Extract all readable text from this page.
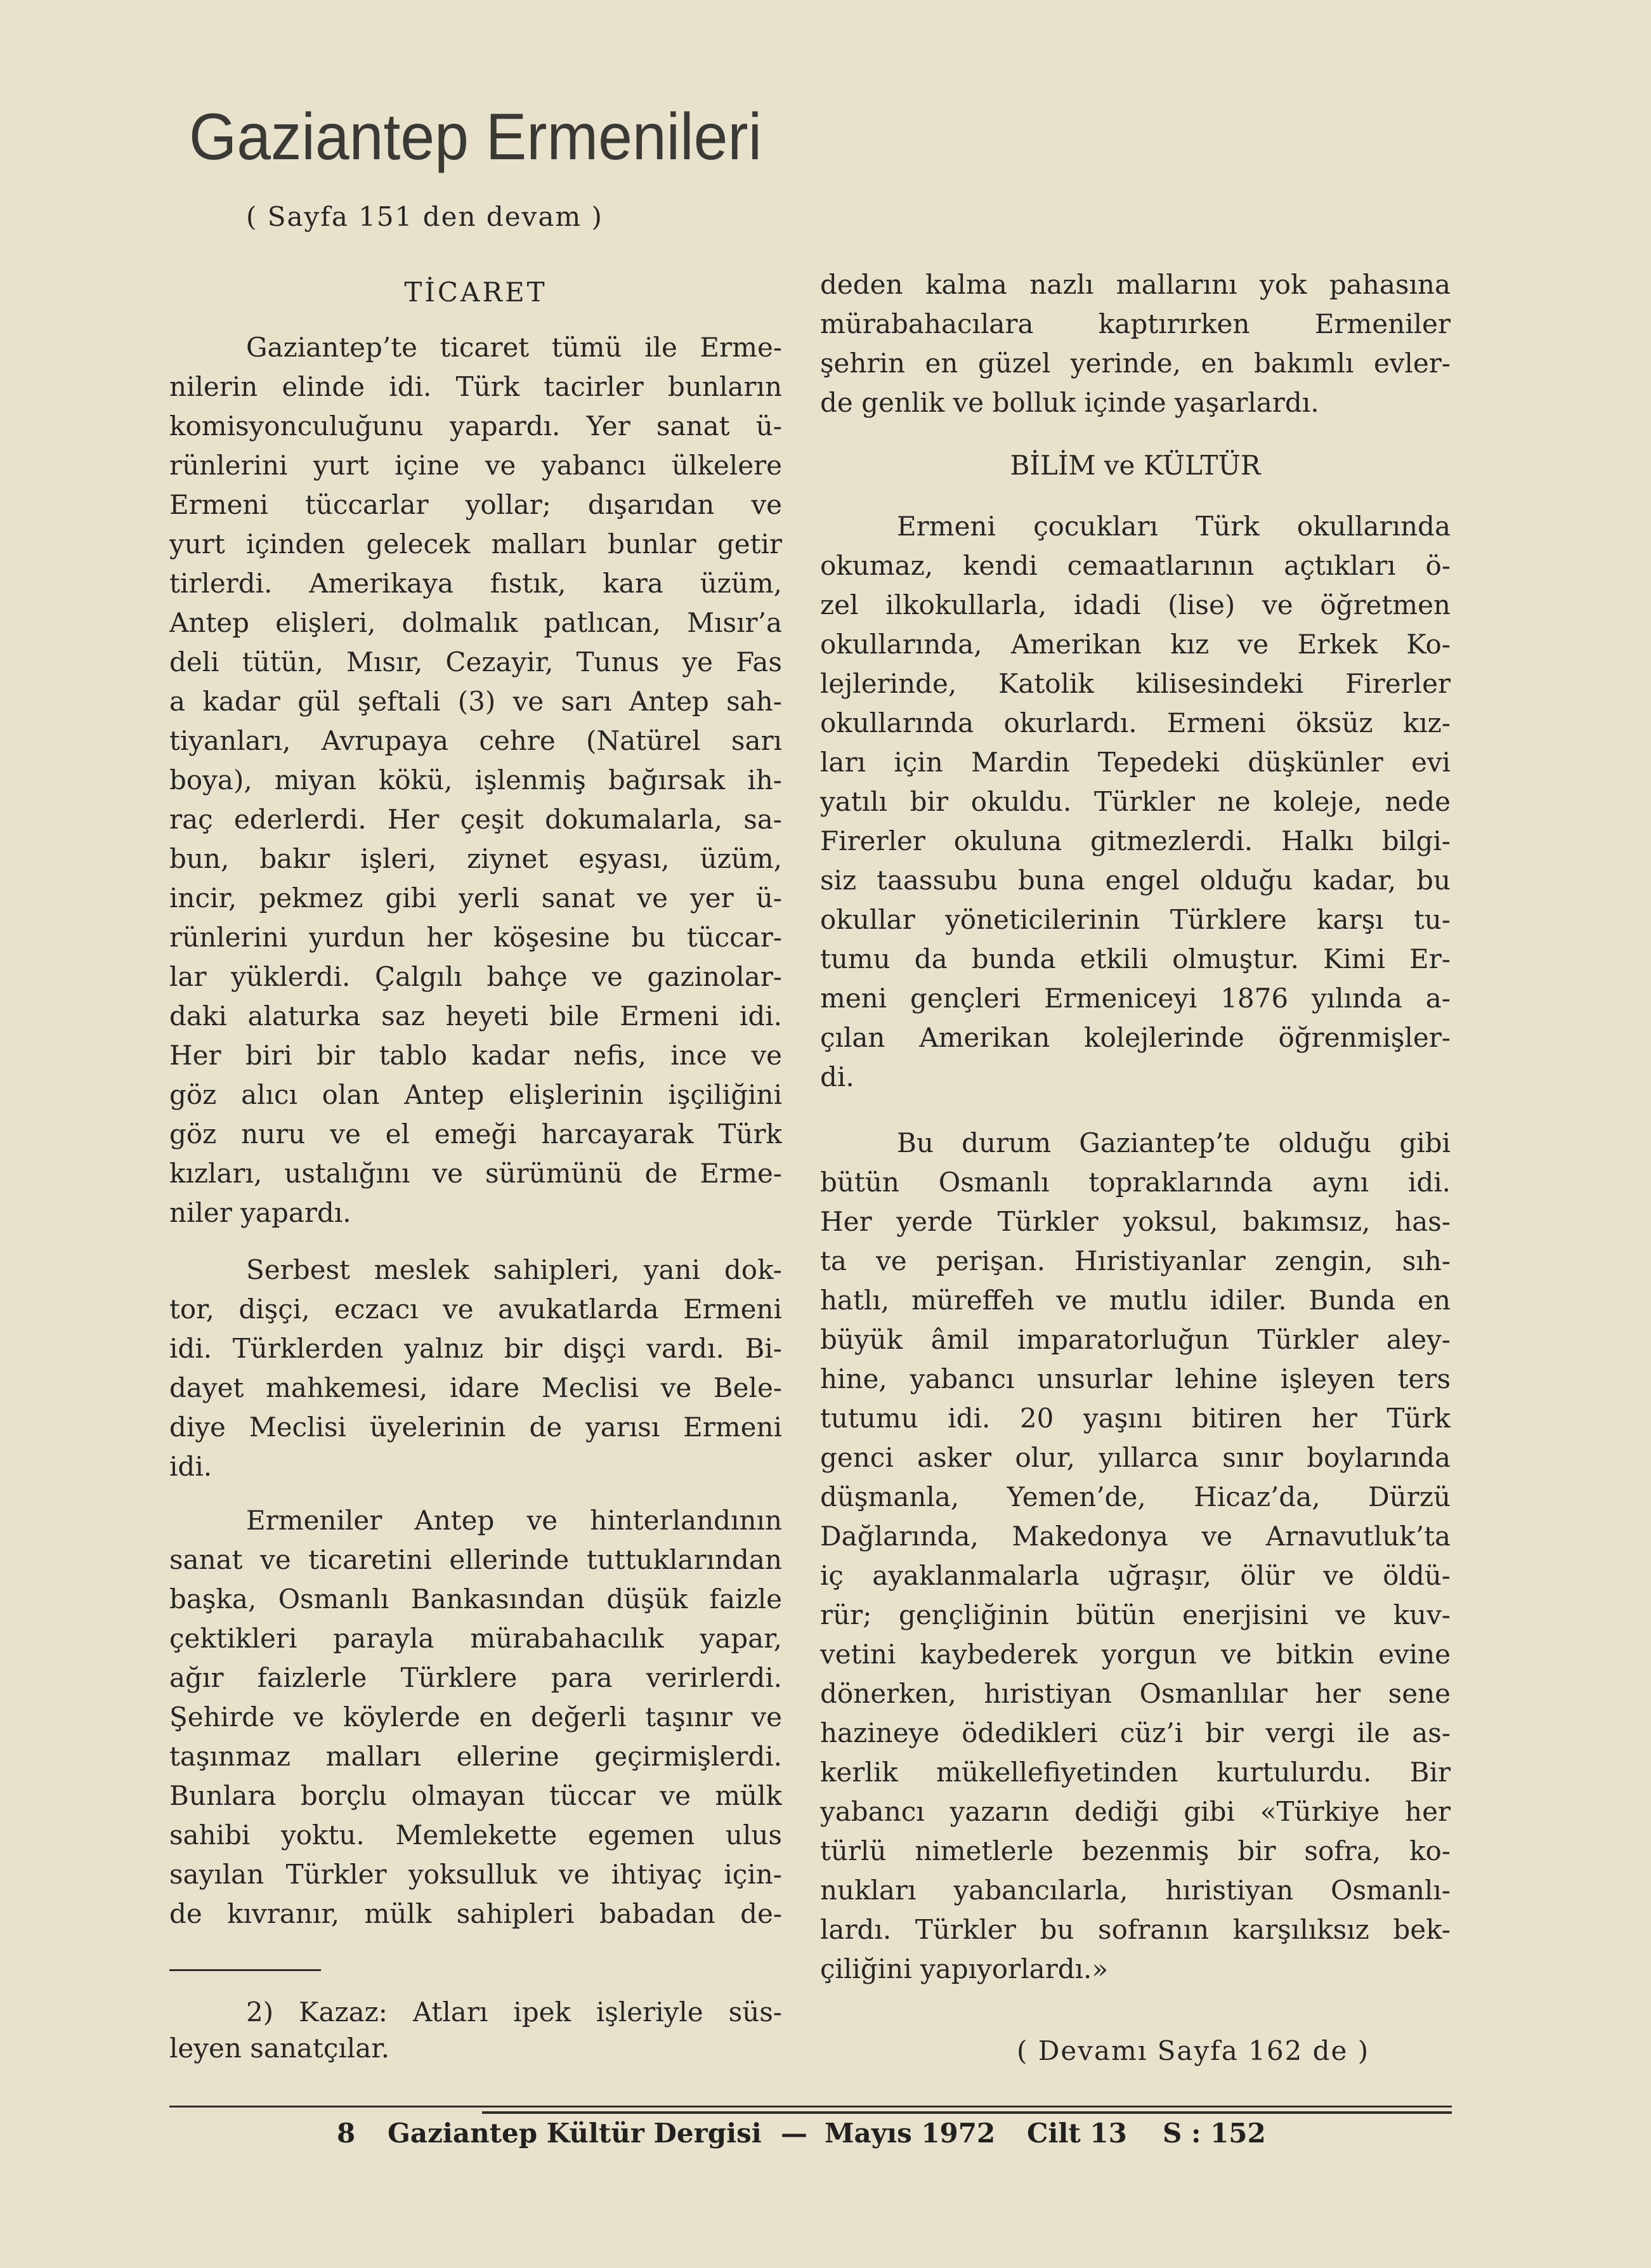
Gaziantep Ermenileri
( Sayfa 151 den devam )
TİCARET
Gaziantep’te ticaret tümü ile Erme-
nilerin elinde idi. Türk tacirler bunların
komisyonculuğunu yapardı. Yer sanat ü-
rünlerini yurt içine ve yabancı ülkelere
Ermeni tüccarlar yollar; dışarıdan ve
yurt içinden gelecek malları bunlar getir
tirlerdi. Amerikaya fıstık, kara üzüm,
Antep elişleri, dolmalık patlıcan, Mısır’a
deli tütün, Mısır, Cezayir, Tunus ye Fas
a kadar gül şeftali (3) ve sarı Antep sah-
tiyanları, Avrupaya cehre (Natürel sarı
boya), miyan kökü, işlenmiş bağırsak ih-
raç ederlerdi. Her çeşit dokumalarla, sa-
bun, bakır işleri, ziynet eşyası, üzüm,
incir, pekmez gibi yerli sanat ve yer ü-
rünlerini yurdun her köşesine bu tüccar-
lar yüklerdi. Çalgılı bahçe ve gazinolar-
daki alaturka saz heyeti bile Ermeni idi.
Her biri bir tablo kadar nefis, ince ve
göz alıcı olan Antep elişlerinin işçiliğini
göz nuru ve el emeği harcayarak Türk
kızları, ustalığını ve sürümünü de Erme-
niler yapardı.
Serbest meslek sahipleri, yani dok-
tor, dişçi, eczacı ve avukatlarda Ermeni
idi. Türklerden yalnız bir dişçi vardı. Bi-
dayet mahkemesi, idare Meclisi ve Bele-
diye Meclisi üyelerinin de yarısı Ermeni
idi.
Ermeniler Antep ve hinterlandının
sanat ve ticaretini ellerinde tuttuklarından
başka, Osmanlı Bankasından düşük faizle
çektikleri parayla mürabahacılık yapar,
ağır faizlerle Türklere para verirlerdi.
Şehirde ve köylerde en değerli taşınır ve
taşınmaz malları ellerine geçirmişlerdi.
Bunlara borçlu olmayan tüccar ve mülk
sahibi yoktu. Memlekette egemen ulus
sayılan Türkler yoksulluk ve ihtiyaç için-
de kıvranır, mülk sahipleri babadan de-
2) Kazaz: Atları ipek işleriyle süs-
leyen sanatçılar.
deden kalma nazlı mallarını yok pahasına
mürabahacılara kaptırırken Ermeniler
şehrin en güzel yerinde, en bakımlı evler-
de genlik ve bolluk içinde yaşarlardı.
BİLİM ve KÜLTÜR
Ermeni çocukları Türk okullarında
okumaz, kendi cemaatlarının açtıkları ö-
zel ilkokullarla, idadi (lise) ve öğretmen
okullarında, Amerikan kız ve Erkek Ko-
lejlerinde, Katolik kilisesindeki Firerler
okullarında okurlardı. Ermeni öksüz kız-
ları için Mardin Tepedeki düşkünler evi
yatılı bir okuldu. Türkler ne koleje, nede
Firerler okuluna gitmezlerdi. Halkı bilgi-
siz taassubu buna engel olduğu kadar, bu
okullar yöneticilerinin Türklere karşı tu-
tumu da bunda etkili olmuştur. Kimi Er-
meni gençleri Ermeniceyi 1876 yılında a-
çılan Amerikan kolejlerinde öğrenmişler-
di.
Bu durum Gaziantep’te olduğu gibi
bütün Osmanlı topraklarında aynı idi.
Her yerde Türkler yoksul, bakımsız, has-
ta ve perişan. Hıristiyanlar zengin, sıh-
hatlı, müreffeh ve mutlu idiler. Bunda en
büyük âmil imparatorluğun Türkler aley-
hine, yabancı unsurlar lehine işleyen ters
tutumu idi. 20 yaşını bitiren her Türk
genci asker olur, yıllarca sınır boylarında
düşmanla, Yemen’de, Hicaz’da, Dürzü
Dağlarında, Makedonya ve Arnavutluk’ta
iç ayaklanmalarla uğraşır, ölür ve öldü-
rür; gençliğinin bütün enerjisini ve kuv-
vetini kaybederek yorgun ve bitkin evine
dönerken, hıristiyan Osmanlılar her sene
hazineye ödedikleri cüz’i bir vergi ile as-
kerlik mükellefiyetinden kurtulurdu. Bir
yabancı yazarın dediği gibi «Türkiye her
türlü nimetlerle bezenmiş bir sofra, ko-
nukları yabancılarla, hıristiyan Osmanlı-
lardı. Türkler bu sofranın karşılıksız bek-
çiliğini yapıyorlardı.»
( Devamı Sayfa 162 de )
8 Gaziantep Kültür Dergisi — Mayıs 1972 Cilt 13 S : 152
